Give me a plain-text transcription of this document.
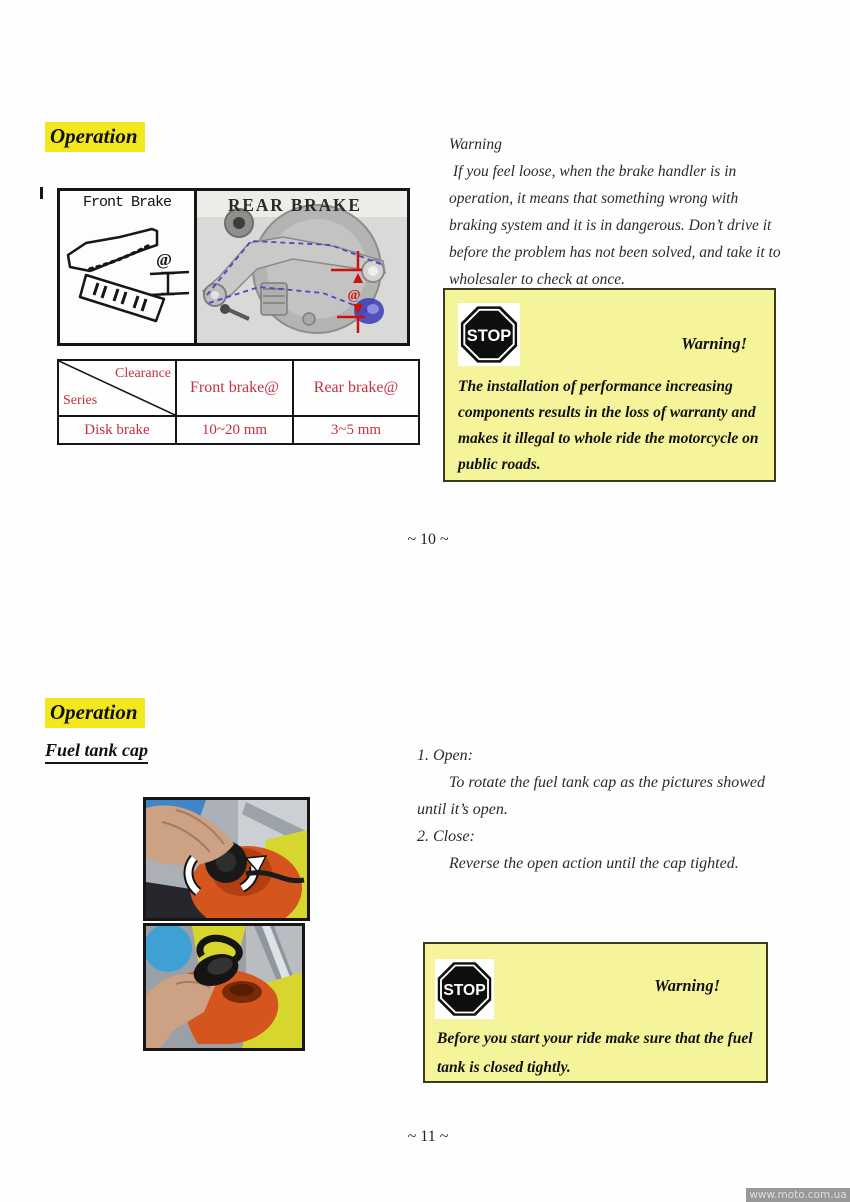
Operation
Front Brake
@
@
REAR BRAKE
Clearance
Series	Front brake@	Rear brake@
Disk brake	10~20 mm	3~5 mm
Warning
If you feel loose, when the brake handler is in operation, it means that something wrong with braking system and it is in dangerous. Don’t drive it before the problem has not been solved, and take it to wholesaler to check at once.
STOP	Warning!
The installation of performance increasing components results in the loss of warranty and makes it illegal to whole ride the motorcycle on public roads.
~ 10 ~
Operation
Fuel tank cap	1. Open:

To rotate the fuel tank cap as the pictures showed until it’s open.

2. Close:

Reverse the open action until the cap tighted.

STOP	Warning!
Before you start your ride make sure that the fuel tank is closed tightly.
~ 11 ~
www.moto.com.ua
